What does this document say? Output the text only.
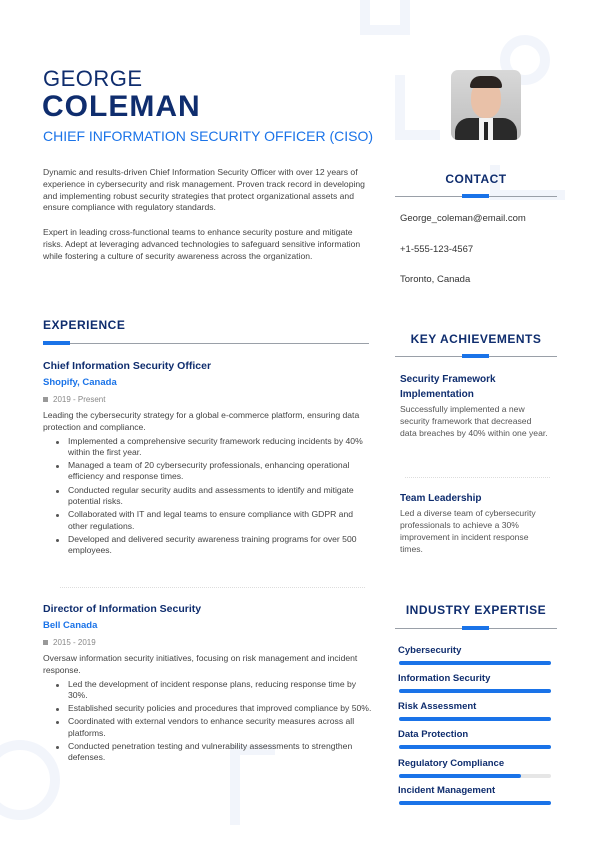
GEORGE
COLEMAN
CHIEF INFORMATION SECURITY OFFICER (CISO)
Dynamic and results-driven Chief Information Security Officer with over 12 years of experience in cybersecurity and risk management. Proven track record in developing and implementing robust security strategies that protect organizational assets and ensure compliance with regulatory standards.
Expert in leading cross-functional teams to enhance security posture and mitigate risks. Adept at leveraging advanced technologies to safeguard sensitive information while fostering a culture of security awareness across the organization.
EXPERIENCE
Chief Information Security Officer
Shopify, Canada
2019 - Present
Leading the cybersecurity strategy for a global e-commerce platform, ensuring data protection and compliance.
Implemented a comprehensive security framework reducing incidents by 40% within the first year.
Managed a team of 20 cybersecurity professionals, enhancing operational efficiency and response times.
Conducted regular security audits and assessments to identify and mitigate potential risks.
Collaborated with IT and legal teams to ensure compliance with GDPR and other regulations.
Developed and delivered security awareness training programs for over 500 employees.
Director of Information Security
Bell Canada
2015 - 2019
Oversaw information security initiatives, focusing on risk management and incident response.
Led the development of incident response plans, reducing response time by 30%.
Established security policies and procedures that improved compliance by 50%.
Coordinated with external vendors to enhance security measures across all platforms.
Conducted penetration testing and vulnerability assessments to strengthen defenses.
CONTACT
George_coleman@email.com
+1-555-123-4567
Toronto, Canada
KEY ACHIEVEMENTS
Security Framework Implementation
Successfully implemented a new security framework that decreased data breaches by 40% within one year.
Team Leadership
Led a diverse team of cybersecurity professionals to achieve a 30% improvement in incident response times.
INDUSTRY EXPERTISE
Cybersecurity
Information Security
Risk Assessment
Data Protection
Regulatory Compliance
Incident Management
